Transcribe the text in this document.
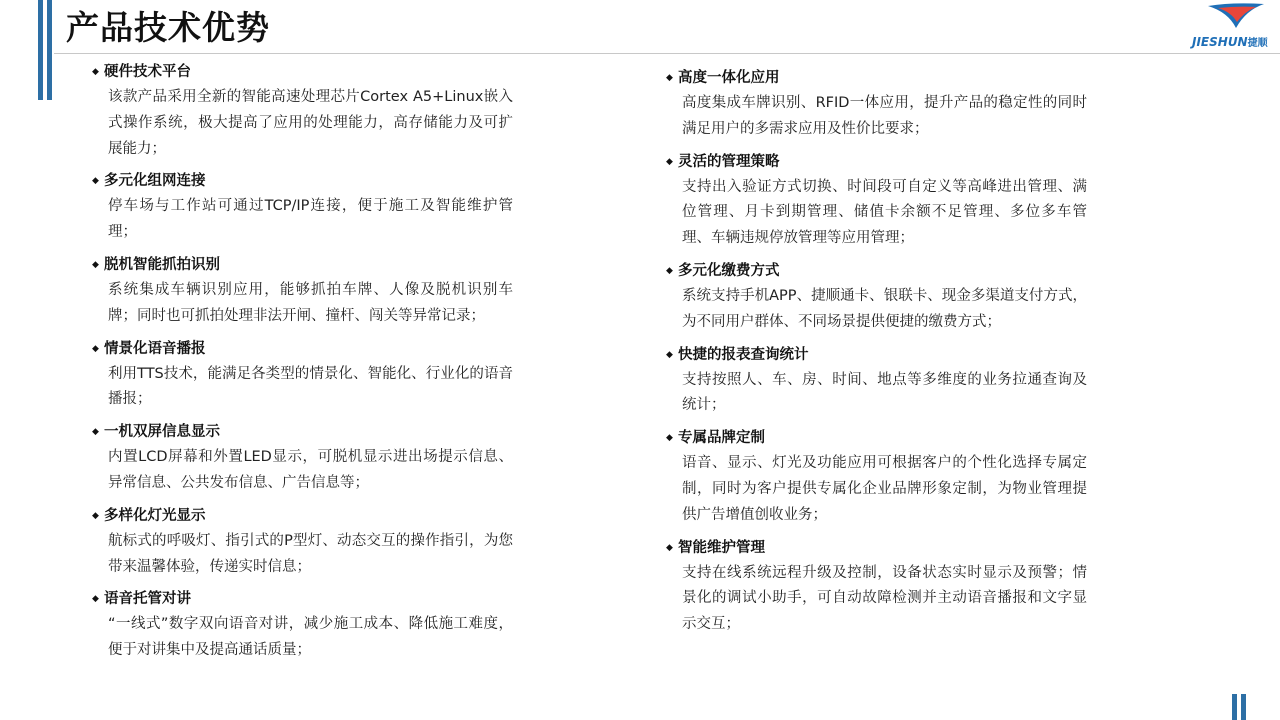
产品技术优势	JIESHUN捷顺
◆ 硬件技术平台
该款产品采用全新的智能高速处理芯片Cortex A5+Linux嵌入式操作系统，极大提高了应用的处理能力，高存储能力及可扩展能力；
◆ 多元化组网连接
停车场与工作站可通过TCP/IP连接，便于施工及智能维护管理；
◆ 脱机智能抓拍识别
系统集成车辆识别应用，能够抓拍车牌、人像及脱机识别车牌；同时也可抓拍处理非法开闸、撞杆、闯关等异常记录；
◆ 情景化语音播报
利用TTS技术，能满足各类型的情景化、智能化、行业化的语音播报；
◆ 一机双屏信息显示
内置LCD屏幕和外置LED显示，可脱机显示进出场提示信息、异常信息、公共发布信息、广告信息等；
◆ 多样化灯光显示
航标式的呼吸灯、指引式的P型灯、动态交互的操作指引，为您带来温馨体验，传递实时信息；
◆ 语音托管对讲
“一线式”数字双向语音对讲，减少施工成本、降低施工难度，便于对讲集中及提高通话质量；
◆ 高度一体化应用
高度集成车牌识别、RFID一体应用，提升产品的稳定性的同时满足用户的多需求应用及性价比要求；
◆ 灵活的管理策略
支持出入验证方式切换、时间段可自定义等高峰进出管理、满位管理、月卡到期管理、储值卡余额不足管理、多位多车管理、车辆违规停放管理等应用管理；
◆ 多元化缴费方式
系统支持手机APP、捷顺通卡、银联卡、现金多渠道支付方式，为不同用户群体、不同场景提供便捷的缴费方式；
◆ 快捷的报表查询统计
支持按照人、车、房、时间、地点等多维度的业务拉通查询及统计；
◆ 专属品牌定制
语音、显示、灯光及功能应用可根据客户的个性化选择专属定制，同时为客户提供专属化企业品牌形象定制，为物业管理提供广告增值创收业务；
◆ 智能维护管理
支持在线系统远程升级及控制，设备状态实时显示及预警；情景化的调试小助手，可自动故障检测并主动语音播报和文字显示交互；
